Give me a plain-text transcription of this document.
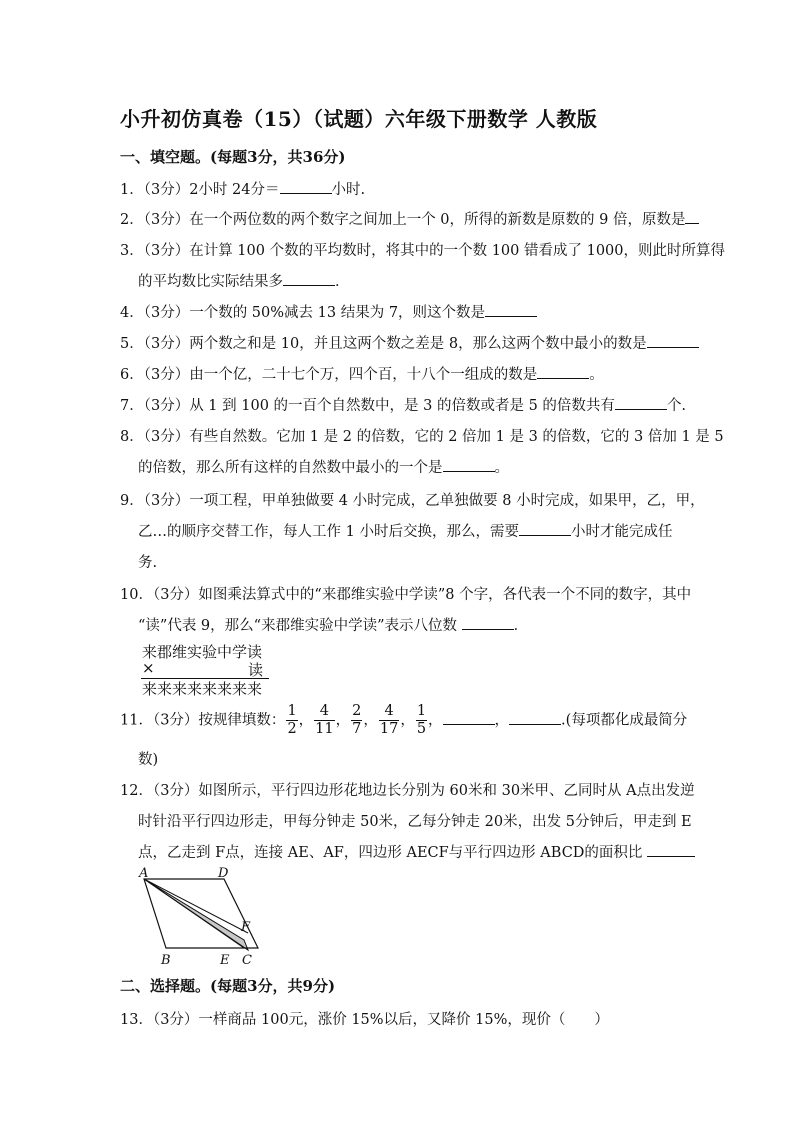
小升初仿真卷（15）（试题）六年级下册数学 人教版
一、填空题。(每题3分，共36分)
1．（3分）2小时 24分＝	小时.
2．（3分）在一个两位数的两个数字之间加上一个 0，所得的新数是原数的 9 倍，原数是
3．（3分）在计算 100 个数的平均数时，将其中的一个数 100 错看成了 1000，则此时所算得
的平均数比实际结果多	．
4．（3分）一个数的 50%减去 13 结果为 7，则这个数是
5．（3分）两个数之和是 10，并且这两个数之差是 8，那么这两个数中最小的数是
6．（3分）由一个亿，二十七个万，四个百，十八个一组成的数是	。
7．（3分）从 1 到 100 的一百个自然数中，是 3 的倍数或者是 5 的倍数共有	个.
8．（3分）有些自然数。它加 1 是 2 的倍数，它的 2 倍加 1 是 3 的倍数，它的 3 倍加 1 是 5
的倍数，那么所有这样的自然数中最小的一个是	。
9．（3分）一项工程，甲单独做要 4 小时完成，乙单独做要 8 小时完成，如果甲，乙，甲，
乙…的顺序交替工作，每人工作 1 小时后交换，那么，需要	小时才能完成任
务.
10．（3分）如图乘法算式中的“来郡维实验中学读”8 个字，各代表一个不同的数字，其中
“读”代表 9，那么“来郡维实验中学读”表示八位数	．
来郡维实验中学读
×	读
来来来来来来来来
11．（3分）按规律填数： $\frac{1}{2}$ ， $\frac{4}{11}$ ， $\frac{2}{7}$ ， $\frac{4}{17}$ ， $\frac{1}{5}$ ，	，	.(每项都化成最简分
数)
12．（3分）如图所示，平行四边形花地边长分别为 60米和 30米甲、乙同时从 A点出发逆
时针沿平行四边形走，甲每分钟走 50米，乙每分钟走 20米，出发 5分钟后，甲走到 E
点，乙走到 F点，连接 AE、AF，四边形 AECF与平行四边形 ABCD的面积比
A	D
F
B	E C
二、选择题。(每题3分，共9分)
13．（3分）一样商品 100元，涨价 15%以后，又降价 15%，现价（　　）
